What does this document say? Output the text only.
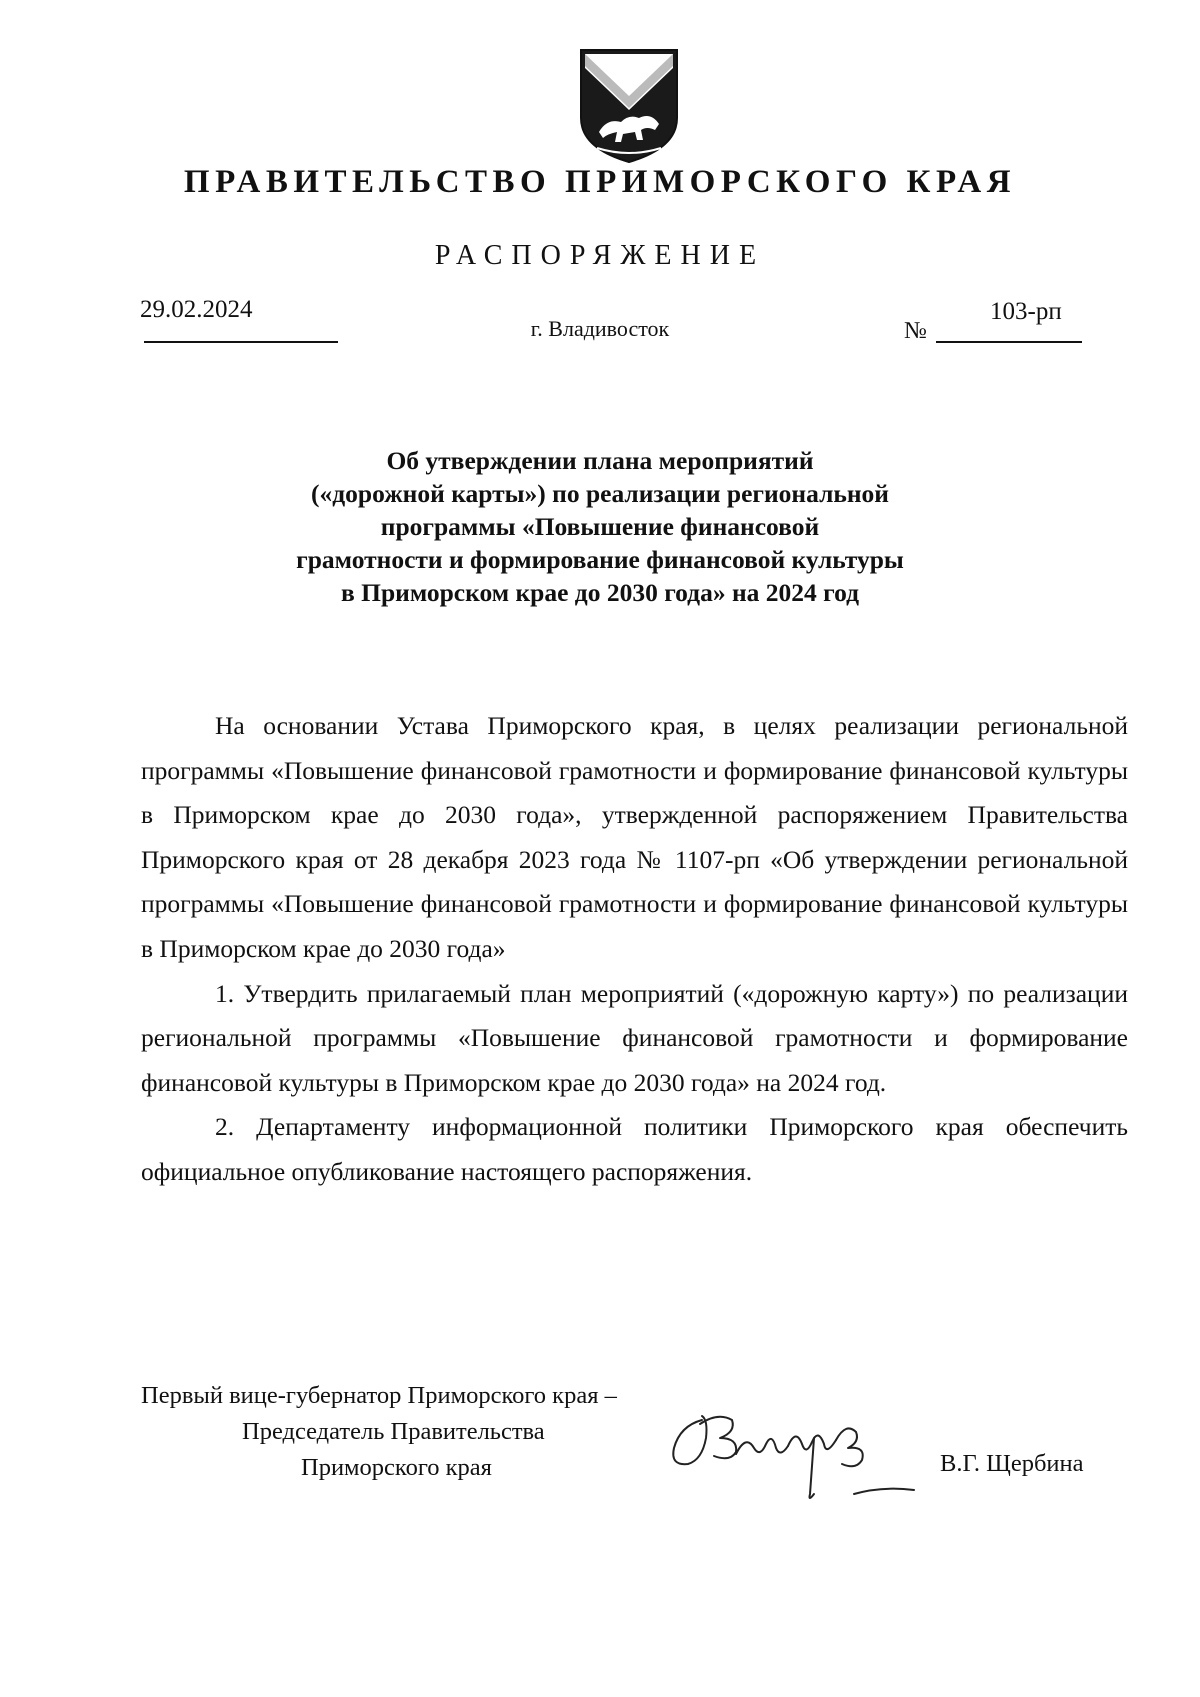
ПРАВИТЕЛЬСТВО ПРИМОРСКОГО КРАЯ
РАСПОРЯЖЕНИЕ
29.02.2024
г. Владивосток	№
103-рп
Об утверждении плана мероприятий
(«дорожной карты») по реализации региональной
программы «Повышение финансовой
грамотности и формирование финансовой культуры
в Приморском крае до 2030 года» на 2024 год

На основании Устава Приморского края, в целях реализации региональной программы «Повышение финансовой грамотности и формирование финансовой культуры в Приморском крае до 2030 года», утвержденной распоряжением Правительства Приморского края от 28 декабря 2023 года № 1107-рп «Об утверждении региональной программы «Повышение финансовой грамотности и формирование финансовой культуры в Приморском крае до 2030 года»

1. Утвердить прилагаемый план мероприятий («дорожную карту») по реализации региональной программы «Повышение финансовой грамотности и формирование финансовой культуры в Приморском крае до 2030 года» на 2024 год.

2. Департаменту информационной политики Приморского края обеспечить официальное опубликование настоящего распоряжения.

Первый вице-губернатор Приморского края –
Председатель Правительства
Приморского края	В.Г. Щербина
